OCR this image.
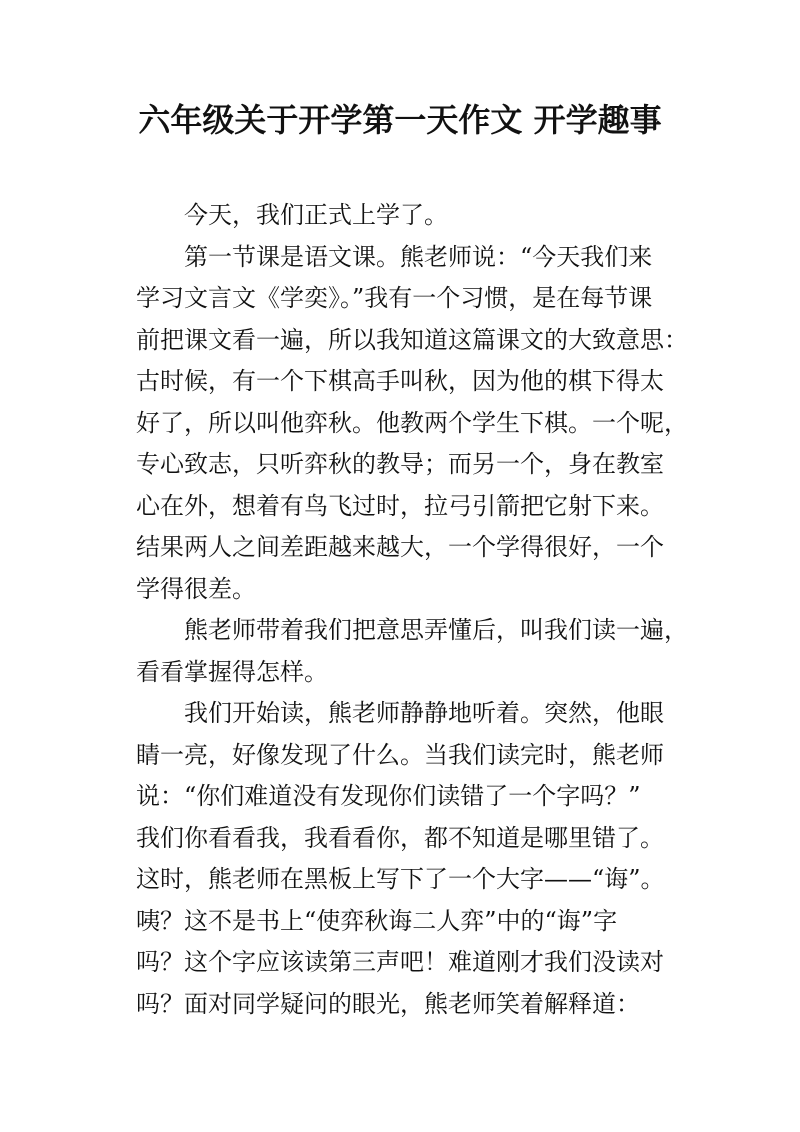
六年级关于开学第一天作文 开学趣事
今天，我们正式上学了。
第一节课是语文课。熊老师说：“今天我们来
学习文言文《学奕》。”我有一个习惯，是在每节课
前把课文看一遍，所以我知道这篇课文的大致意思：
古时候，有一个下棋高手叫秋，因为他的棋下得太
好了，所以叫他弈秋。他教两个学生下棋。一个呢，
专心致志，只听弈秋的教导；而另一个，身在教室
心在外，想着有鸟飞过时，拉弓引箭把它射下来。
结果两人之间差距越来越大，一个学得很好，一个
学得很差。
熊老师带着我们把意思弄懂后，叫我们读一遍，
看看掌握得怎样。
我们开始读，熊老师静静地听着。突然，他眼
睛一亮，好像发现了什么。当我们读完时，熊老师
说：“你们难道没有发现你们读错了一个字吗？”
我们你看看我，我看看你，都不知道是哪里错了。
这时，熊老师在黑板上写下了一个大字——“诲”。
咦？这不是书上“使弈秋诲二人弈”中的“诲”字
吗？这个字应该读第三声吧！难道刚才我们没读对
吗？面对同学疑问的眼光，熊老师笑着解释道：
